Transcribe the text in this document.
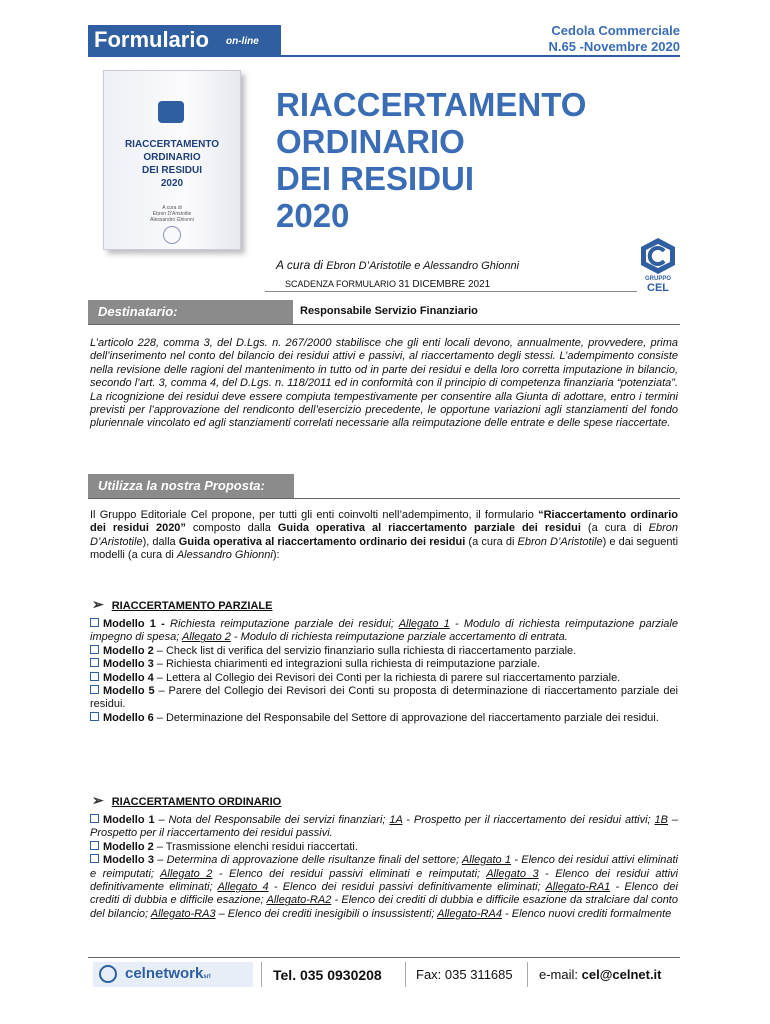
Formulario on-line
Cedola Commerciale
N.65 -Novembre 2020
RIACCERTAMENTO
ORDINARIO
DEI RESIDUI
2020
A cura di
Ebron D'Aristotile
Alessandro Ghionni
RIACCERTAMENTO
ORDINARIO
DEI RESIDUI
2020
A cura di Ebron D’Aristotile e Alessandro Ghionni
GRUPPO
CEL
SCADENZA FORMULARIO 31 DICEMBRE 2021
Destinatario:	Responsabile Servizio Finanziario
L’articolo 228, comma 3, del D.Lgs. n. 267/2000 stabilisce che gli enti locali devono, annualmente, provvedere, prima dell’inserimento nel conto del bilancio dei residui attivi e passivi, al riaccertamento degli stessi. L’adempimento consiste nella revisione delle ragioni del mantenimento in tutto od in parte dei residui e della loro corretta imputazione in bilancio, secondo l’art. 3, comma 4, del D.Lgs. n. 118/2011 ed in conformità con il principio di competenza finanziaria “potenziata”. La ricognizione dei residui deve essere compiuta tempestivamente per consentire alla Giunta di adottare, entro i termini previsti per l’approvazione del rendiconto dell’esercizio precedente, le opportune variazioni agli stanziamenti del fondo pluriennale vincolato ed agli stanziamenti correlati necessarie alla reimputazione delle entrate e delle spese riaccertate.
Utilizza la nostra Proposta:
Il Gruppo Editoriale Cel propone, per tutti gli enti coinvolti nell’adempimento, il formulario “Riaccertamento ordinario dei residui 2020” composto dalla Guida operativa al riaccertamento parziale dei residui (a cura di Ebron D’Aristotile), dalla Guida operativa al riaccertamento ordinario dei residui (a cura di Ebron D’Aristotile) e dai seguenti modelli (a cura di Alessandro Ghionni):
➢ RIACCERTAMENTO PARZIALE

Modello 1 - Richiesta reimputazione parziale dei residui; Allegato 1 - Modulo di richiesta reimputazione parziale impegno di spesa; Allegato 2 - Modulo di richiesta reimputazione parziale accertamento di entrata.

Modello 2 – Check list di verifica del servizio finanziario sulla richiesta di riaccertamento parziale.

Modello 3 – Richiesta chiarimenti ed integrazioni sulla richiesta di reimputazione parziale.

Modello 4 – Lettera al Collegio dei Revisori dei Conti per la richiesta di parere sul riaccertamento parziale.

Modello 5 – Parere del Collegio dei Revisori dei Conti su proposta di determinazione di riaccertamento parziale dei residui.

Modello 6 – Determinazione del Responsabile del Settore di approvazione del riaccertamento parziale dei residui.

➢ RIACCERTAMENTO ORDINARIO

Modello 1 – Nota del Responsabile dei servizi finanziari; 1A - Prospetto per il riaccertamento dei residui attivi; 1B – Prospetto per il riaccertamento dei residui passivi.

Modello 2 – Trasmissione elenchi residui riaccertati.

Modello 3 – Determina di approvazione delle risultanze finali del settore; Allegato 1 - Elenco dei residui attivi eliminati e reimputati; Allegato 2 - Elenco dei residui passivi eliminati e reimputati; Allegato 3 - Elenco dei residui attivi definitivamente eliminati; Allegato 4 - Elenco dei residui passivi definitivamente eliminati; Allegato-RA1 - Elenco dei crediti di dubbia e difficile esazione; Allegato-RA2 - Elenco dei crediti di dubbia e difficile esazione da stralciare dal conto del bilancio; Allegato-RA3 – Elenco dei crediti inesigibili o insussistenti; Allegato-RA4 - Elenco nuovi crediti formalmente

celnetworksrl	Tel. 035 0930208	Fax: 035 311685 e-mail: cel@celnet.it
